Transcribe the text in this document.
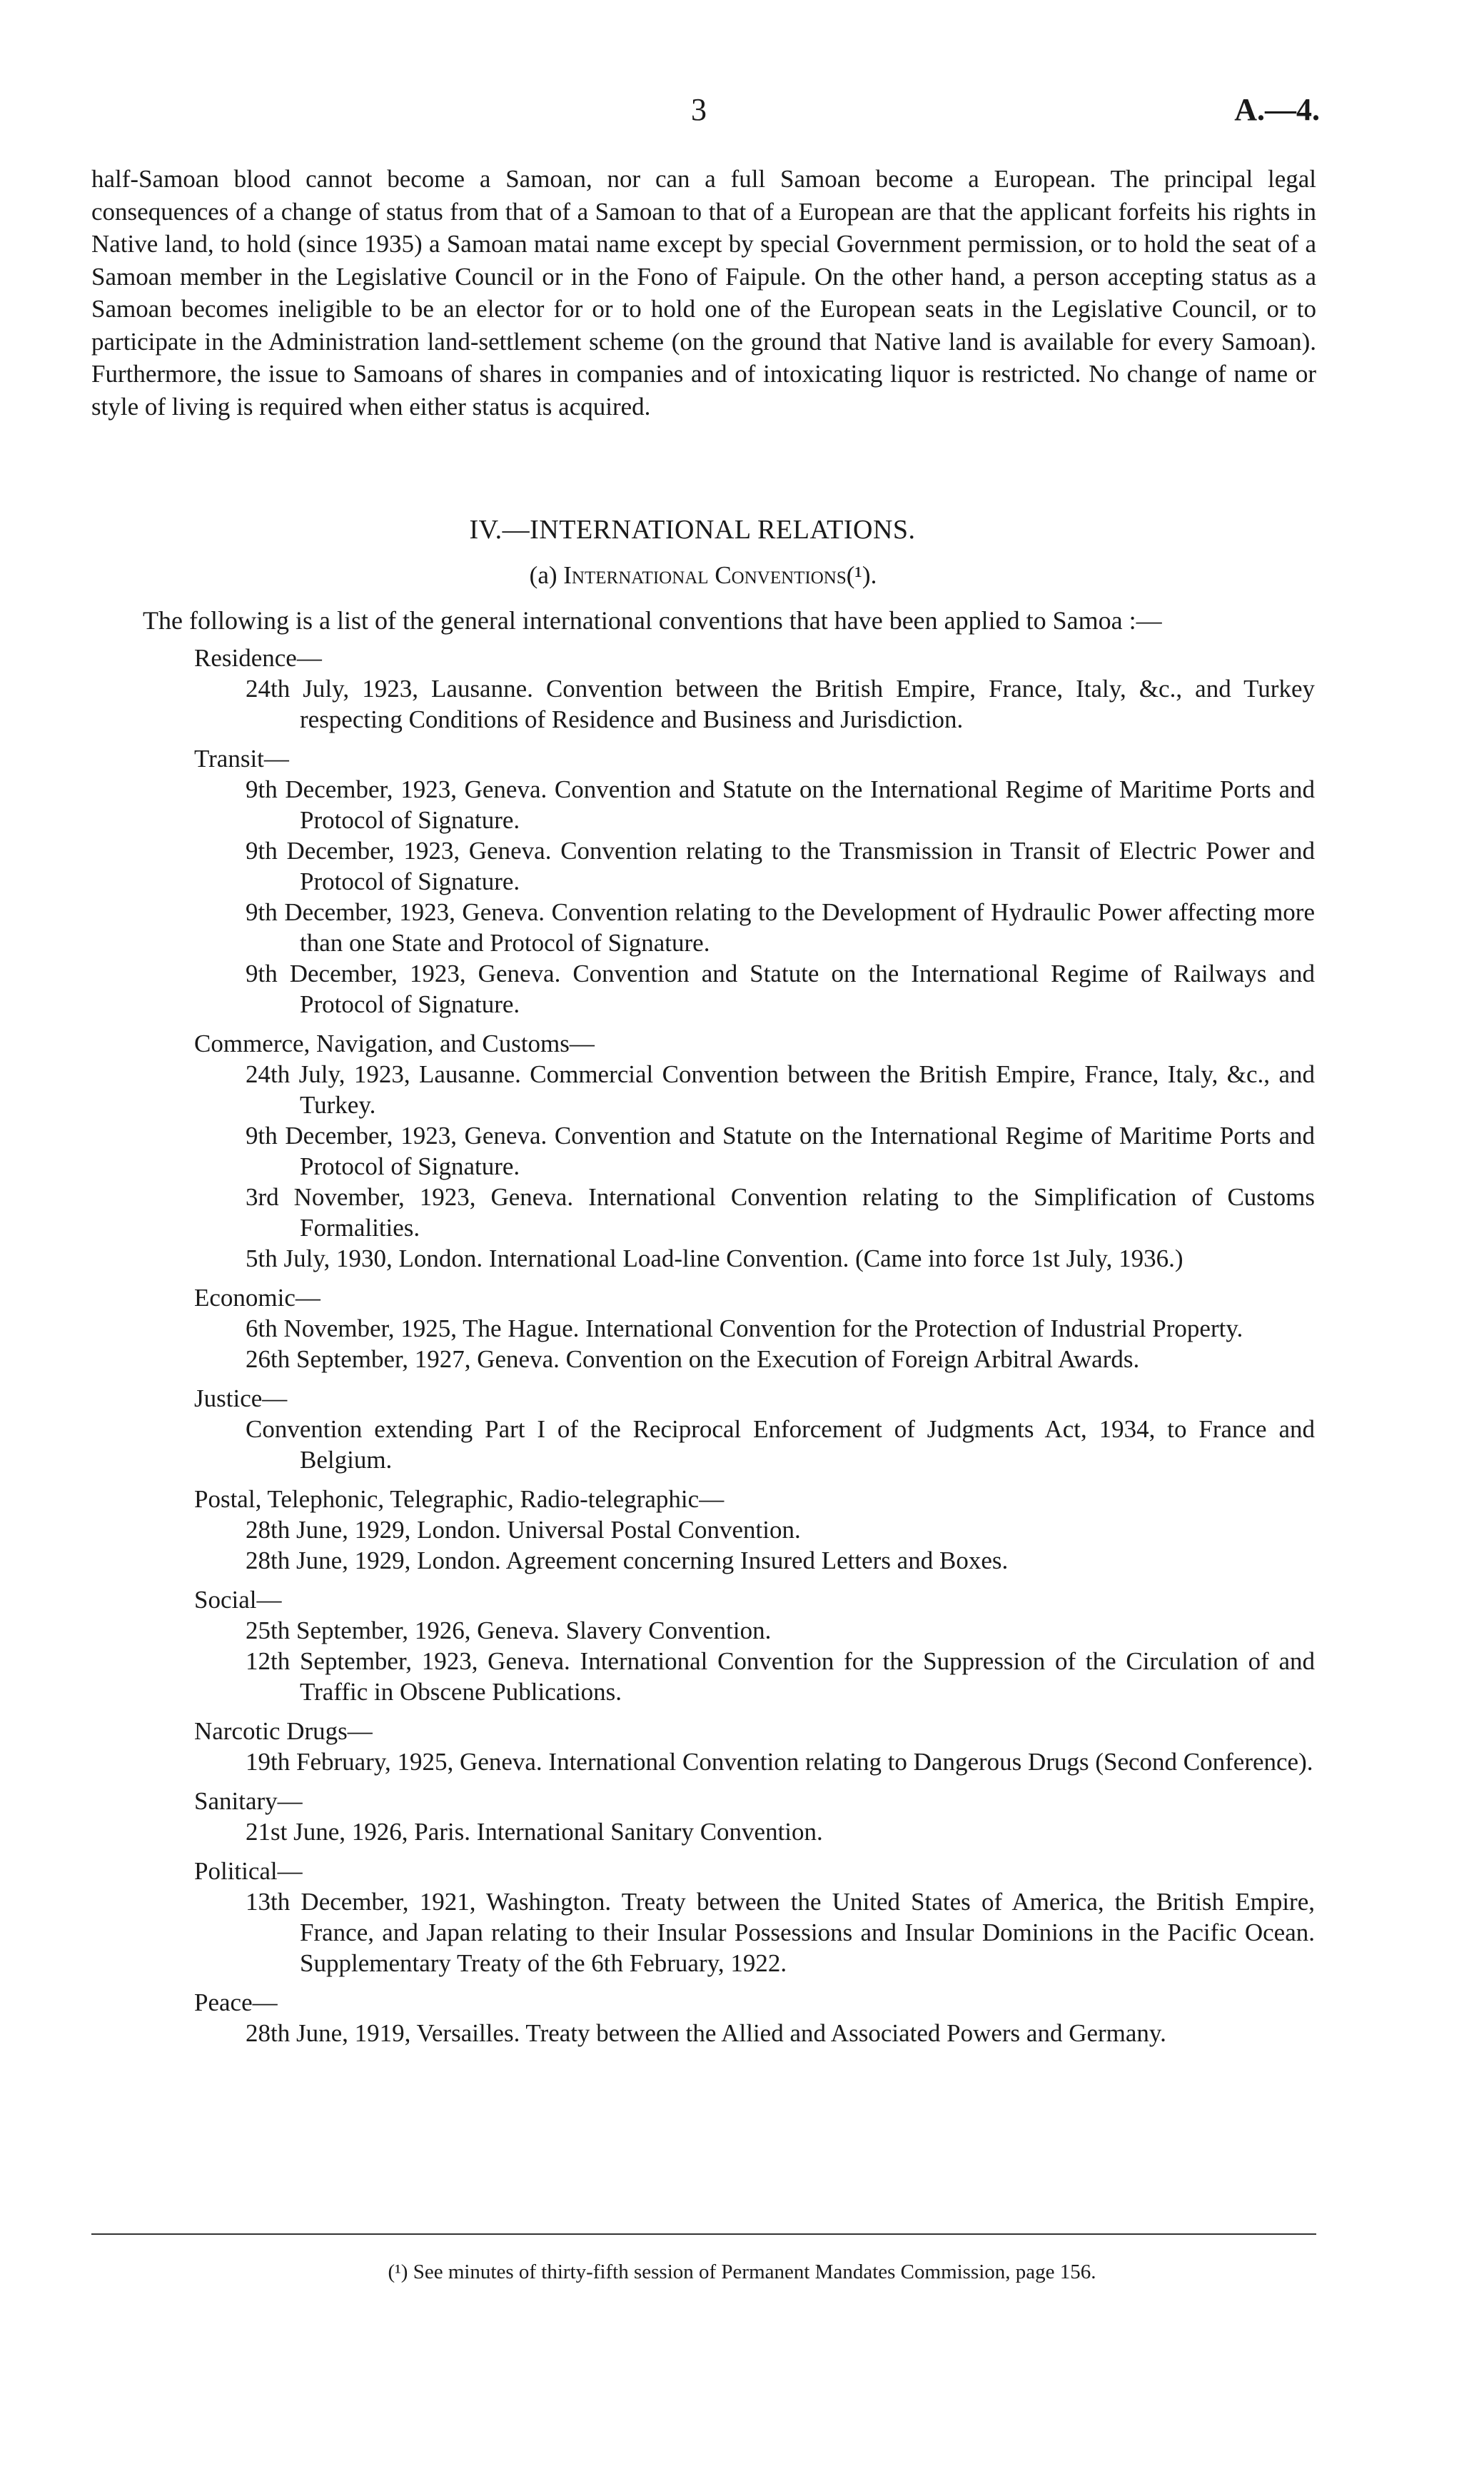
3	A.—4.
half-Samoan blood cannot become a Samoan, nor can a full Samoan become a European. The principal legal consequences of a change of status from that of a Samoan to that of a European are that the applicant forfeits his rights in Native land, to hold (since 1935) a Samoan matai name except by special Government permission, or to hold the seat of a Samoan member in the Legislative Council or in the Fono of Faipule. On the other hand, a person accepting status as a Samoan becomes ineligible to be an elector for or to hold one of the European seats in the Legislative Council, or to participate in the Administration land-settlement scheme (on the ground that Native land is available for every Samoan). Furthermore, the issue to Samoans of shares in companies and of intoxicating liquor is restricted. No change of name or style of living is required when either status is acquired.
IV.—INTERNATIONAL RELATIONS.
(a) International Conventions(¹).
The following is a list of the general international conventions that have been applied to Samoa :—
Residence—
24th July, 1923, Lausanne. Convention between the British Empire, France, Italy, &c., and Turkey respecting Conditions of Residence and Business and Jurisdiction.
Transit—
9th December, 1923, Geneva. Convention and Statute on the International Regime of Maritime Ports and Protocol of Signature.
9th December, 1923, Geneva. Convention relating to the Transmission in Transit of Electric Power and Protocol of Signature.
9th December, 1923, Geneva. Convention relating to the Development of Hydraulic Power affecting more than one State and Protocol of Signature.
9th December, 1923, Geneva. Convention and Statute on the International Regime of Railways and Protocol of Signature.
Commerce, Navigation, and Customs—
24th July, 1923, Lausanne. Commercial Convention between the British Empire, France, Italy, &c., and Turkey.
9th December, 1923, Geneva. Convention and Statute on the International Regime of Maritime Ports and Protocol of Signature.
3rd November, 1923, Geneva. International Convention relating to the Simplification of Customs Formalities.
5th July, 1930, London. International Load-line Convention. (Came into force 1st July, 1936.)
Economic—
6th November, 1925, The Hague. International Convention for the Protection of Industrial Property.
26th September, 1927, Geneva. Convention on the Execution of Foreign Arbitral Awards.
Justice—
Convention extending Part I of the Reciprocal Enforcement of Judgments Act, 1934, to France and Belgium.
Postal, Telephonic, Telegraphic, Radio-telegraphic—
28th June, 1929, London. Universal Postal Convention.
28th June, 1929, London. Agreement concerning Insured Letters and Boxes.
Social—
25th September, 1926, Geneva. Slavery Convention.
12th September, 1923, Geneva. International Convention for the Suppression of the Circulation of and Traffic in Obscene Publications.
Narcotic Drugs—
19th February, 1925, Geneva. International Convention relating to Dangerous Drugs (Second Conference).
Sanitary—
21st June, 1926, Paris. International Sanitary Convention.
Political—
13th December, 1921, Washington. Treaty between the United States of America, the British Empire, France, and Japan relating to their Insular Possessions and Insular Dominions in the Pacific Ocean. Supplementary Treaty of the 6th February, 1922.
Peace—
28th June, 1919, Versailles. Treaty between the Allied and Associated Powers and Germany.
(¹) See minutes of thirty-fifth session of Permanent Mandates Commission, page 156.
